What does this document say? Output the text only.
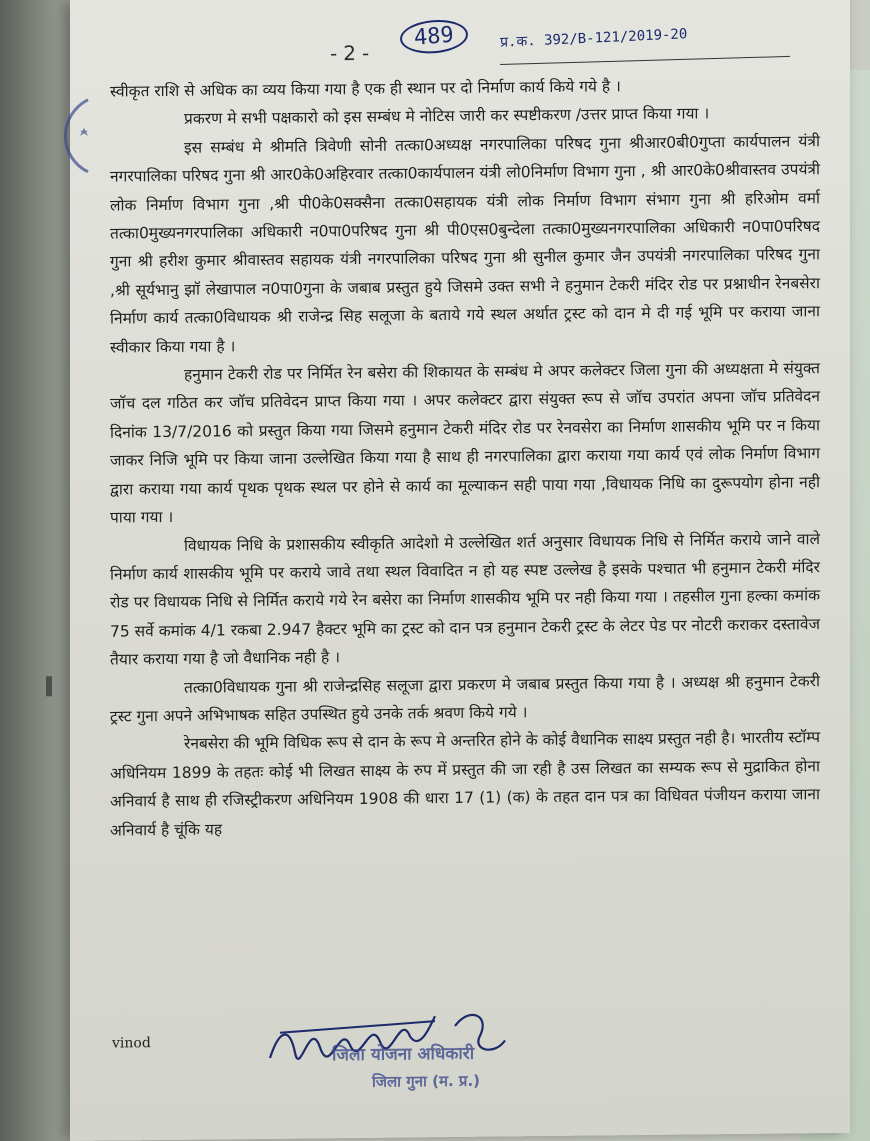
-2-
489	प्र.क. 392/B-121/2019-20

स्वीकृत राशि से अधिक का व्यय किया गया है एक ही स्थान पर दो निर्माण कार्य किये गये है ।

प्रकरण मे सभी पक्षकारो को इस सम्बंध मे नोटिस जारी कर स्पष्टीकरण /उत्तर प्राप्त किया गया ।

इस सम्बंध मे श्रीमति त्रिवेणी सोनी तत्का0अध्यक्ष नगरपालिका परिषद गुना श्रीआर0बी0गुप्ता कार्यपालन यंत्री नगरपालिका परिषद गुना श्री आर0के0अहिरवार तत्का0कार्यपालन यंत्री लो0निर्माण विभाग गुना , श्री आर0के0श्रीवास्तव उपयंत्री लोक निर्माण विभाग गुना ,श्री पी0के0सक्सैना तत्का0सहायक यंत्री लोक निर्माण विभाग संभाग गुना श्री हरिओम वर्मा तत्का0मुख्यनगरपालिका अधिकारी न0पा0परिषद गुना श्री पी0एस0बुन्देला तत्का0मुख्यनगरपालिका अधिकारी न0पा0परिषद गुना श्री हरीश कुमार श्रीवास्तव सहायक यंत्री नगरपालिका परिषद गुना श्री सुनील कुमार जैन उपयंत्री नगरपालिका परिषद गुना ,श्री सूर्यभानु झॉ लेखापाल न0पा0गुना के जबाब प्रस्तुत हुये जिसमे उक्त सभी ने हनुमान टेकरी मंदिर रोड पर प्रश्नाधीन रेनबसेरा निर्माण कार्य तत्का0विधायक श्री राजेन्द्र सिह सलूजा के बताये गये स्थल अर्थात ट्रस्ट को दान मे दी गई भूमि पर कराया जाना स्वीकार किया गया है ।

हनुमान टेकरी रोड पर निर्मित रेन बसेरा की शिकायत के सम्बंध मे अपर कलेक्टर जिला गुना की अध्यक्षता मे संयुक्त जॉच दल गठित कर जॉच प्रतिवेदन प्राप्त किया गया । अपर कलेक्टर द्वारा संयुक्त रूप से जॉच उपरांत अपना जॉच प्रतिवेदन दिनांक 13/7/2016 को प्रस्तुत किया गया जिसमे हनुमान टेकरी मंदिर रोड पर रेनवसेरा का निर्माण शासकीय भूमि पर न किया जाकर निजि भूमि पर किया जाना उल्लेखित किया गया है साथ ही नगरपालिका द्वारा कराया गया कार्य एवं लोक निर्माण विभाग द्वारा कराया गया कार्य पृथक पृथक स्थल पर होने से कार्य का मूल्याकन सही पाया गया ,विधायक निधि का दुरूपयोग होना नही पाया गया ।

विधायक निधि के प्रशासकीय स्वीकृति आदेशो मे उल्लेखित शर्त अनुसार विधायक निधि से निर्मित कराये जाने वाले निर्माण कार्य शासकीय भूमि पर कराये जावे तथा स्थल विवादित न हो यह स्पष्ट उल्लेख है इसके पश्चात भी हनुमान टेकरी मंदिर रोड पर विधायक निधि से निर्मित कराये गये रेन बसेरा का निर्माण शासकीय भूमि पर नही किया गया । तहसील गुना हल्का कमांक 75 सर्वे कमांक 4/1 रकबा 2.947 हैक्टर भूमि का ट्रस्ट को दान पत्र हनुमान टेकरी ट्रस्ट के लेटर पेड पर नोटरी कराकर दस्तावेज तैयार कराया गया है जो वैधानिक नही है ।

तत्का0विधायक गुना श्री राजेन्द्रसिह सलूजा द्वारा प्रकरण मे जबाब प्रस्तुत किया गया है । अध्यक्ष श्री हनुमान टेकरी ट्रस्ट गुना अपने अभिभाषक सहित उपस्थित हुये उनके तर्क श्रवण किये गये ।

रेनबसेरा की भूमि विधिक रूप से दान के रूप मे अन्तरित होने के कोई वैधानिक साक्ष्य प्रस्तुत नही है। भारतीय स्टॉम्प अधिनियम 1899 के तहतः कोई भी लिखत साक्ष्य के रुप में प्रस्तुत की जा रही है उस लिखत का सम्यक रूप से मुद्राकित होना अनिवार्य है साथ ही रजिस्ट्रीकरण अधिनियम 1908 की धारा 17 (1) (क) के तहत दान पत्र का विधिवत पंजीयन कराया जाना अनिवार्य है चूंकि यह

vinod
जिला योजना अधिकारी
जिला गुना (म. प्र.)
